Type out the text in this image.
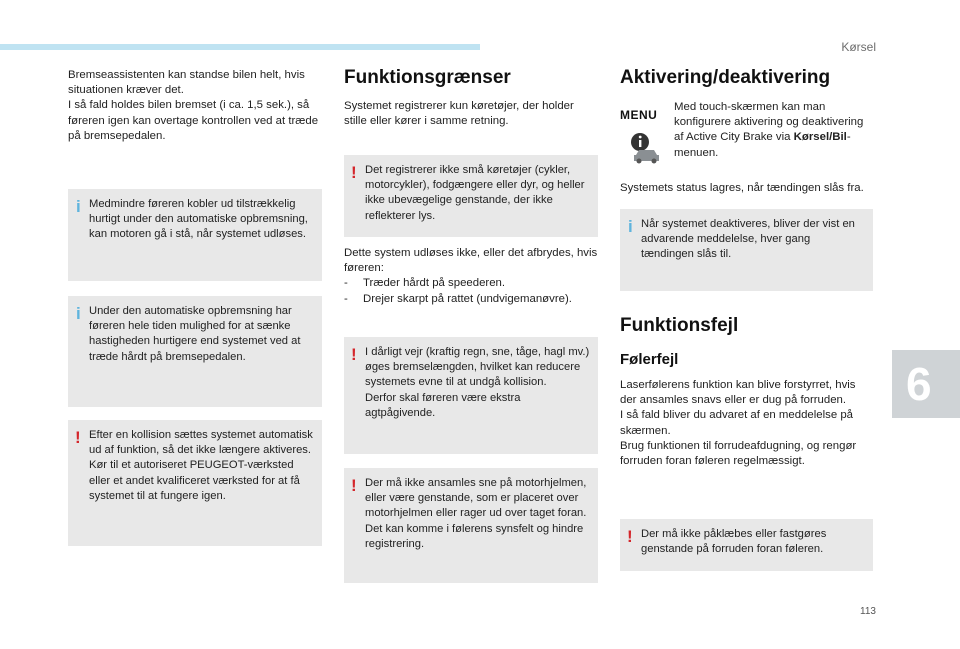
Kørsel

Bremseassistenten kan standse bilen helt, hvis situationen kræver det.

I så fald holdes bilen bremset (i ca. 1,5 sek.), så føreren igen kan overtage kontrollen ved at træde på bremsepedalen.

i Medmindre føreren kobler ud tilstrækkelig hurtigt under den automatiske opbremsning, kan motoren gå i stå, når systemet udløses.
i Under den automatiske opbremsning har føreren hele tiden mulighed for at sænke hastigheden hurtigere end systemet ved at træde hårdt på bremsepedalen.
! Efter en kollision sættes systemet automatisk ud af funktion, så det ikke længere aktiveres.

Kør til et autoriseret PEUGEOT-værksted eller et andet kvalificeret værksted for at få systemet til at fungere igen.

Funktionsgrænser

Systemet registrerer kun køretøjer, der holder stille eller kører i samme retning.

! Det registrerer ikke små køretøjer (cykler, motorcykler), fodgængere eller dyr, og heller ikke ubevægelige genstande, der ikke reflekterer lys.

Dette system udløses ikke, eller det afbrydes, hvis føreren:

-	Træder hårdt på speederen.
-	Drejer skarpt på rattet (undvigemanøvre).
! I dårligt vejr (kraftig regn, sne, tåge, hagl mv.) øges bremselængden, hvilket kan reducere systemets evne til at undgå kollision.

Derfor skal føreren være ekstra agtpågivende.

! Der må ikke ansamles sne på motorhjelmen, eller være genstande, som er placeret over motorhjelmen eller rager ud over taget foran. Det kan komme i følerens synsfelt og hindre registrering.
Aktivering/deaktivering
MENU

Med touch-skærmen kan man konfigurere aktivering og deaktivering af Active City Brake via Kørsel/Bil-menuen.

Systemets status lagres, når tændingen slås fra.

i Når systemet deaktiveres, bliver der vist en advarende meddelelse, hver gang tændingen slås til.
Funktionsfejl
Følerfejl

Laserfølerens funktion kan blive forstyrret, hvis der ansamles snavs eller er dug på forruden.

I så fald bliver du advaret af en meddelelse på skærmen.

Brug funktionen til forrudeafdugning, og rengør forruden foran føleren regelmæssigt.

! Der må ikke påklæbes eller fastgøres genstande på forruden foran føleren.
6
113
